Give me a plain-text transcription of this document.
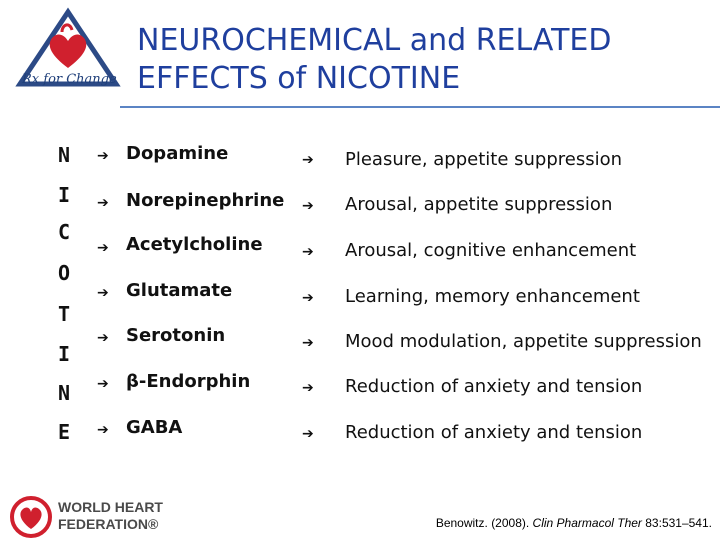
Rx for Change
NEUROCHEMICAL and RELATED
EFFECTS of NICOTINE
N
I
C
O
T
I
N
E
➔ Dopamine	➔ Pleasure, appetite suppression
➔ Norepinephrine ➔ Arousal, appetite suppression
➔ Acetylcholine	➔ Arousal, cognitive enhancement
➔ Glutamate	➔ Learning, memory enhancement
➔ Serotonin	➔ Mood modulation, appetite suppression
➔ β-Endorphin	➔ Reduction of anxiety and tension
➔ GABA	➔ Reduction of anxiety and tension
WORLD HEART
FEDERATION®	Benowitz. (2008). Clin Pharmacol Ther 83:531–541.
